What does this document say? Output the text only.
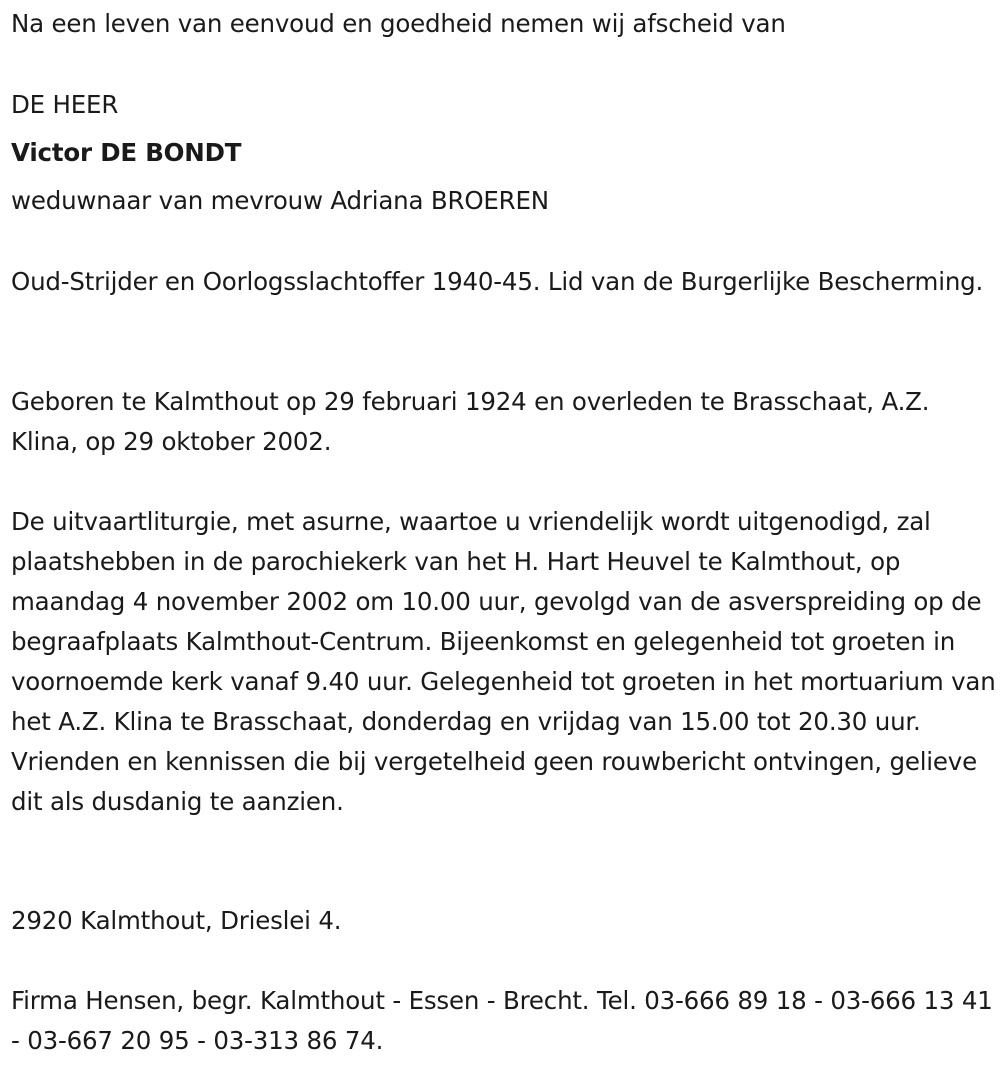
Na een leven van eenvoud en goedheid nemen wij afscheid van
DE HEER
Victor DE BONDT
weduwnaar van mevrouw Adriana BROEREN
Oud-Strijder en Oorlogsslachtoffer 1940-45. Lid van de Burgerlijke Bescherming.
Geboren te Kalmthout op 29 februari 1924 en overleden te Brasschaat, A.Z. Klina, op 29 oktober 2002.
De uitvaartliturgie, met asurne, waartoe u vriendelijk wordt uitgenodigd, zal plaatshebben in de parochiekerk van het H. Hart Heuvel te Kalmthout, op maandag 4 november 2002 om 10.00 uur, gevolgd van de asverspreiding op de begraafplaats Kalmthout-Centrum. Bijeenkomst en gelegenheid tot groeten in voornoemde kerk vanaf 9.40 uur. Gelegenheid tot groeten in het mortuarium van het A.Z. Klina te Brasschaat, donderdag en vrijdag van 15.00 tot 20.30 uur. Vrienden en kennissen die bij vergetelheid geen rouwbericht ontvingen, gelieve dit als dusdanig te aanzien.
2920 Kalmthout, Drieslei 4.
Firma Hensen, begr. Kalmthout - Essen - Brecht. Tel. 03-666 89 18 - 03-666 13 41 - 03-667 20 95 - 03-313 86 74.
